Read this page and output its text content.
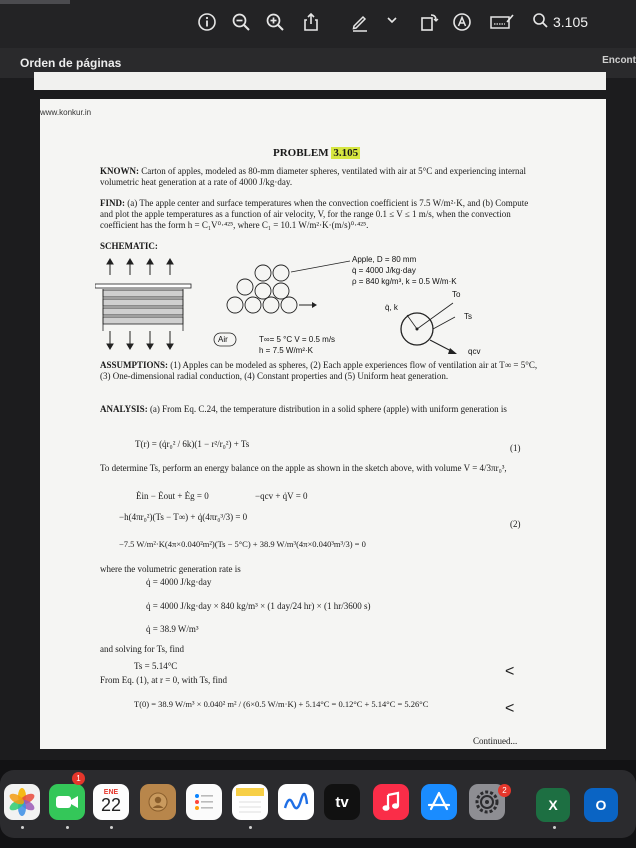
3.105
Orden de páginas	Encont
www.konkur.in
PROBLEM 3.105
KNOWN: Carton of apples, modeled as 80-mm diameter spheres, ventilated with air at 5°C and experiencing internal volumetric heat generation at a rate of 4000 J/kg·day.
FIND: (a) The apple center and surface temperatures when the convection coefficient is 7.5 W/m²·K, and (b) Compute and plot the apple temperatures as a function of air velocity, V, for the range 0.1 ≤ V ≤ 1 m/s, when the convection coefficient has the form h = C₁V⁰·⁴²⁵, where C₁ = 10.1 W/m²·K·(m/s)⁰·⁴²⁵.
SCHEMATIC:
Apple, D = 80 mm
q̇ = 4000 J/kg·day
ρ = 840 kg/m³, k = 0.5 W/m·K
q̇, k
To
Ts
qcv
Air	T∞= 5 °C V = 0.5 m/s
h = 7.5 W/m²·K
ASSUMPTIONS: (1) Apples can be modeled as spheres, (2) Each apple experiences flow of ventilation air at T∞ = 5°C, (3) One-dimensional radial conduction, (4) Constant properties and (5) Uniform heat generation.
ANALYSIS: (a) From Eq. C.24, the temperature distribution in a solid sphere (apple) with uniform generation is
T(r) = (q̇r₀² / 6k)(1 − r²/r₀²) + Ts	(1)
To determine Ts, perform an energy balance on the apple as shown in the sketch above, with volume V = 4/3πr₀³,
Ėin − Ėout + Ėg = 0	−qcv + q̇V = 0
−h(4πr₀²)(Ts − T∞) + q̇(4πr₀³/3) = 0
(2)
−7.5 W/m²·K(4π×0.040²m²)(Ts − 5°C) + 38.9 W/m³(4π×0.040³m³/3) = 0
where the volumetric generation rate is
q̇ = 4000 J/kg·day
q̇ = 4000 J/kg·day × 840 kg/m³ × (1 day/24 hr) × (1 hr/3600 s)
q̇ = 38.9 W/m³
and solving for Ts, find
Ts = 5.14°C	<
From Eq. (1), at r = 0, with Ts, find
T(0) = 38.9 W/m³ × 0.040² m² / (6×0.5 W/m·K) + 5.14°C = 0.12°C + 5.14°C = 5.26°C	<
Continued...
1
ENE
22	tv
2
X	O
